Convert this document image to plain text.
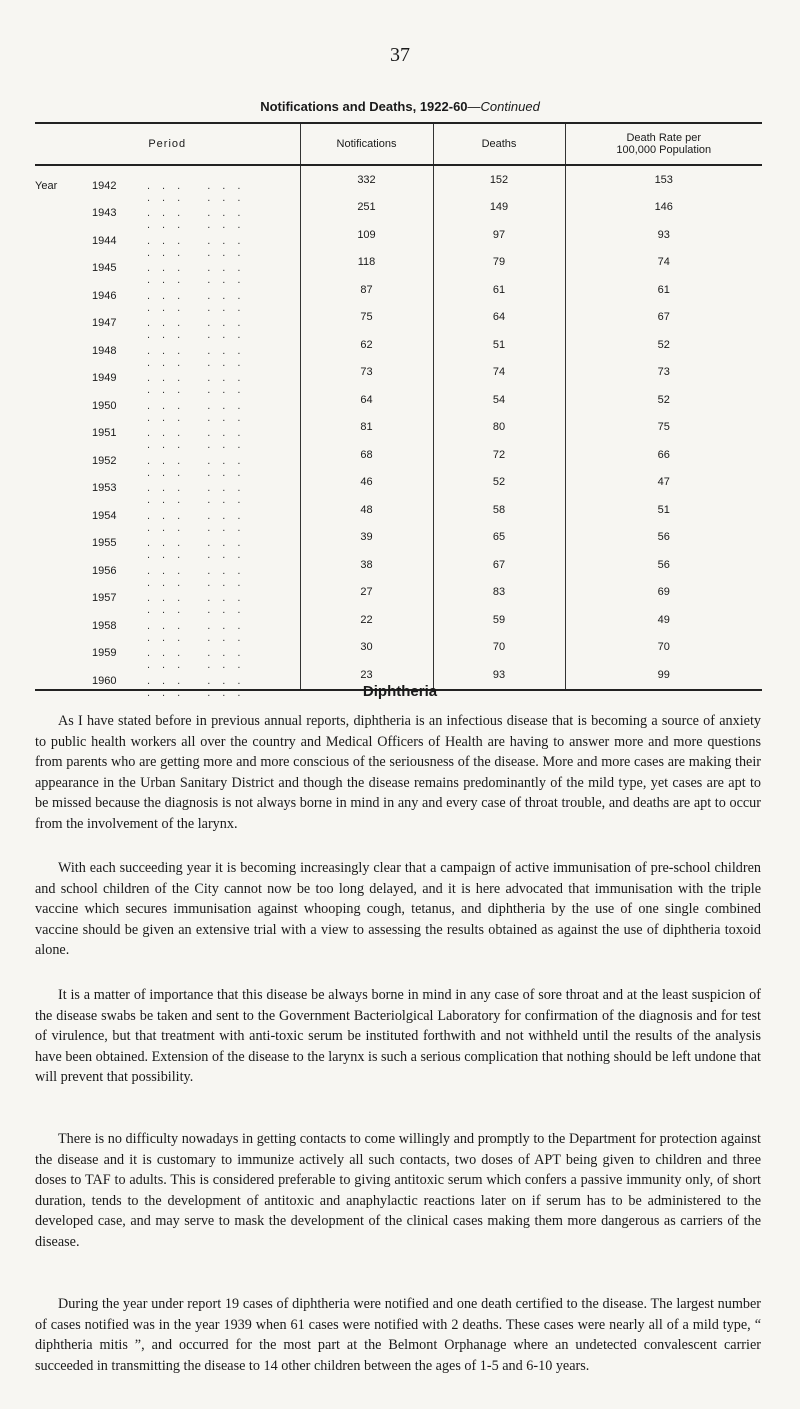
37
Notifications and Deaths, 1922-60—Continued
Period	Notifications	Deaths	Death Rate per
100,000 Population

Year 1942 ... ... ... ...	332	152	153

1943 ... ... ... ...	251	149	146

1944 ... ... ... ...	109	97	93

1945 ... ... ... ...	118	79	74

1946 ... ... ... ...	87	61	61

1947 ... ... ... ...	75	64	67

1948 ... ... ... ...	62	51	52

1949 ... ... ... ...	73	74	73

1950 ... ... ... ...	64	54	52

1951 ... ... ... ...	81	80	75

1952 ... ... ... ...	68	72	66

1953 ... ... ... ...	46	52	47

1954 ... ... ... ...	48	58	51

1955 ... ... ... ...	39	65	56

1956 ... ... ... ...	38	67	56

1957 ... ... ... ...	27	83	69

1958 ... ... ... ...	22	59	49

1959 ... ... ... ...	30	70	70

1960 ... ... ... ...	23	93	99
Diphtheria

As I have stated before in previous annual reports, diphtheria is an infectious disease that is becoming a source of anxiety to public health workers all over the country and Medical Officers of Health are having to answer more and more questions from parents who are getting more and more conscious of the seriousness of the disease. More and more cases are making their appearance in the Urban Sanitary District and though the disease remains predominantly of the mild type, yet cases are apt to be missed because the diagnosis is not always borne in mind in any and every case of throat trouble, and deaths are apt to occur from the involvement of the larynx.

With each succeeding year it is becoming increasingly clear that a campaign of active immunisation of pre-school children and school children of the City cannot now be too long delayed, and it is here advocated that immunisation with the triple vaccine which secures immunisation against whooping cough, tetanus, and diphtheria by the use of one single combined vaccine should be given an extensive trial with a view to assessing the results obtained as against the use of diphtheria toxoid alone.

It is a matter of importance that this disease be always borne in mind in any case of sore throat and at the least suspicion of the disease swabs be taken and sent to the Government Bacteriolgical Laboratory for confirmation of the diagnosis and for test of virulence, but that treatment with anti-toxic serum be instituted forthwith and not withheld until the results of the analysis have been obtained. Extension of the disease to the larynx is such a serious complication that nothing should be left undone that will prevent that possibility.

There is no difficulty nowadays in getting contacts to come willingly and promptly to the Department for protection against the disease and it is customary to immunize actively all such contacts, two doses of APT being given to children and three doses to TAF to adults. This is considered preferable to giving antitoxic serum which confers a passive immunity only, of short duration, tends to the development of antitoxic and anaphylactic reactions later on if serum has to be administered to the developed case, and may serve to mask the development of the clinical cases making them more dangerous as carriers of the disease.

During the year under report 19 cases of diphtheria were notified and one death certified to the disease. The largest number of cases notified was in the year 1939 when 61 cases were notified with 2 deaths. These cases were nearly all of a mild type, “ diphtheria mitis ”, and occurred for the most part at the Belmont Orphanage where an undetected convalescent carrier succeeded in transmitting the disease to 14 other children between the ages of 1-5 and 6-10 years.
